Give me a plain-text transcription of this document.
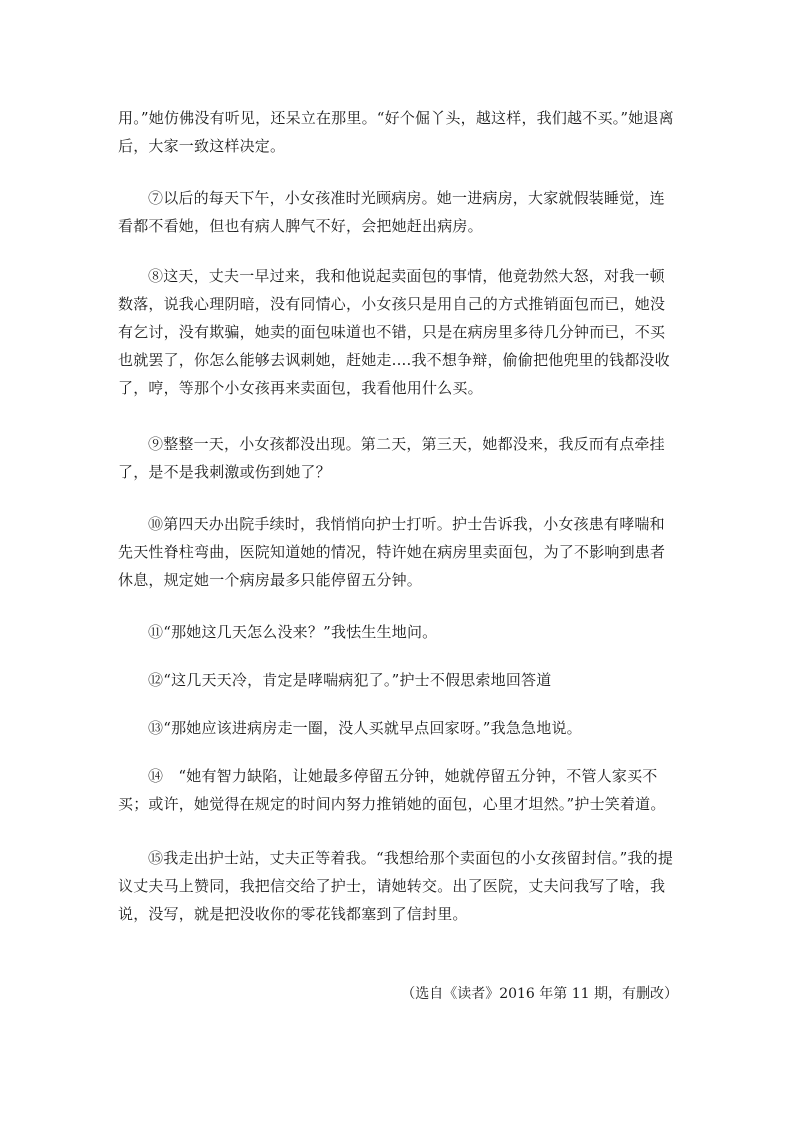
用。”她仿佛没有听见，还呆立在那里。“好个倔丫头，越这样，我们越不买。”她退离后，大家一致这样决定。

⑦以后的每天下午，小女孩准时光顾病房。她一进病房，大家就假装睡觉，连看都不看她，但也有病人脾气不好，会把她赶出病房。

⑧这天，丈夫一早过来，我和他说起卖面包的事情，他竟勃然大怒，对我一顿数落，说我心理阴暗，没有同情心，小女孩只是用自己的方式推销面包而已，她没有乞讨，没有欺骗，她卖的面包味道也不错，只是在病房里多待几分钟而已，不买也就罢了，你怎么能够去讽刺她，赶她走....我不想争辩，偷偷把他兜里的钱都没收了，哼，等那个小女孩再来卖面包，我看他用什么买。

⑨整整一天，小女孩都没出现。第二天，第三天，她都没来，我反而有点牵挂了，是不是我刺激或伤到她了？

⑩第四天办出院手续时，我悄悄向护士打听。护士告诉我，小女孩患有哮喘和先天性脊柱弯曲，医院知道她的情况，特许她在病房里卖面包，为了不影响到患者休息，规定她一个病房最多只能停留五分钟。

⑪“那她这几天怎么没来？”我怯生生地问。

⑫“这几天天冷，肯定是哮喘病犯了。”护士不假思索地回答道

⑬“那她应该进病房走一圈，没人买就早点回家呀。”我急急地说。

⑭　“她有智力缺陷，让她最多停留五分钟，她就停留五分钟，不管人家买不买；或许，她觉得在规定的时间内努力推销她的面包，心里才坦然。”护士笑着道。

⑮我走出护士站，丈夫正等着我。“我想给那个卖面包的小女孩留封信。”我的提议丈夫马上赞同，我把信交给了护士，请她转交。出了医院，丈夫问我写了啥，我说，没写，就是把没收你的零花钱都塞到了信封里。

（选自《读者》2016 年第 11 期，有删改）
